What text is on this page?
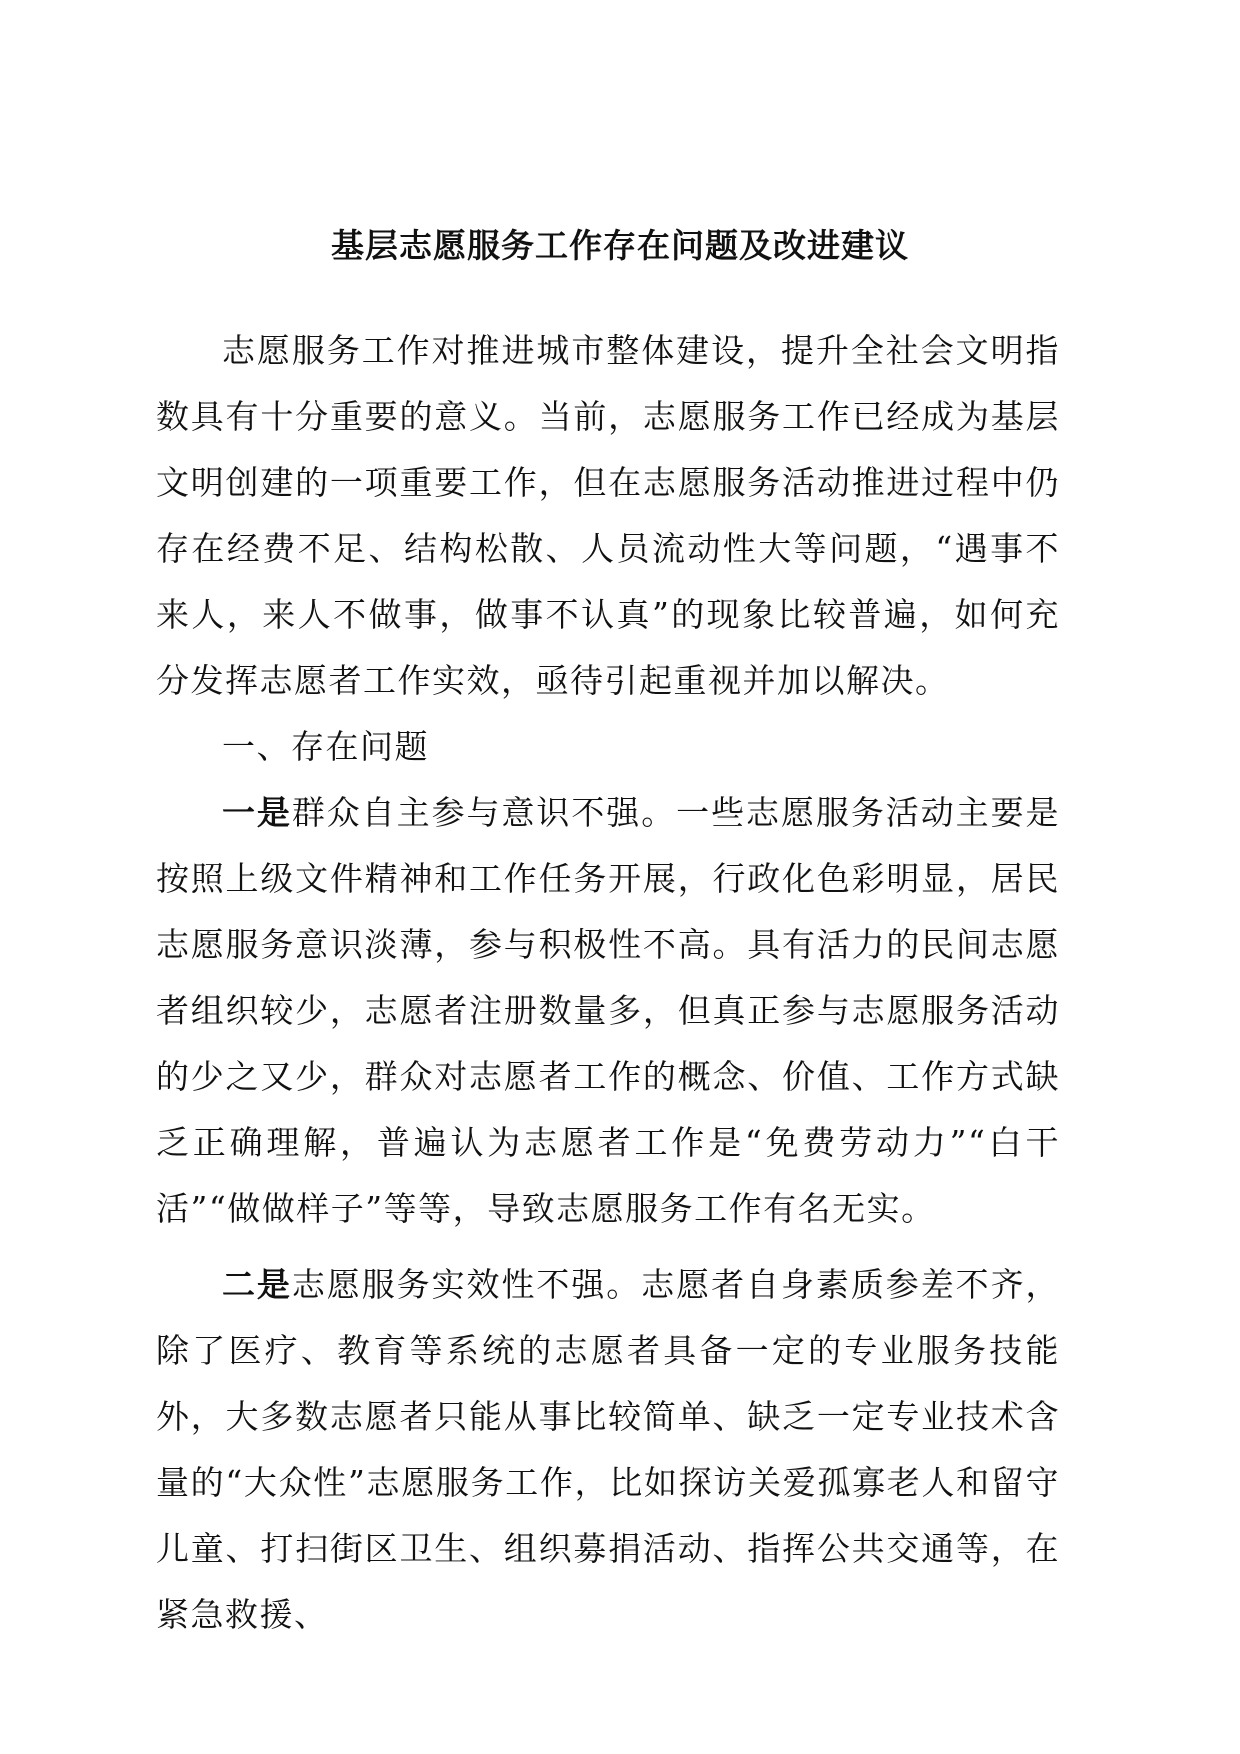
基层志愿服务工作存在问题及改进建议

志愿服务工作对推进城市整体建设，提升全社会文明指数具有十分重要的意义。当前，志愿服务工作已经成为基层文明创建的一项重要工作，但在志愿服务活动推进过程中仍存在经费不足、结构松散、人员流动性大等问题，“遇事不来人，来人不做事，做事不认真”的现象比较普遍，如何充分发挥志愿者工作实效，亟待引起重视并加以解决。

一、存在问题

一是群众自主参与意识不强。一些志愿服务活动主要是按照上级文件精神和工作任务开展，行政化色彩明显，居民志愿服务意识淡薄，参与积极性不高。具有活力的民间志愿者组织较少，志愿者注册数量多，但真正参与志愿服务活动的少之又少，群众对志愿者工作的概念、价值、工作方式缺乏正确理解，普遍认为志愿者工作是“免费劳动力”“白干活”“做做样子”等等，导致志愿服务工作有名无实。

二是志愿服务实效性不强。志愿者自身素质参差不齐，除了医疗、教育等系统的志愿者具备一定的专业服务技能外，大多数志愿者只能从事比较简单、缺乏一定专业技术含量的“大众性”志愿服务工作，比如探访关爱孤寡老人和留守儿童、打扫街区卫生、组织募捐活动、指挥公共交通等，在紧急救援、
